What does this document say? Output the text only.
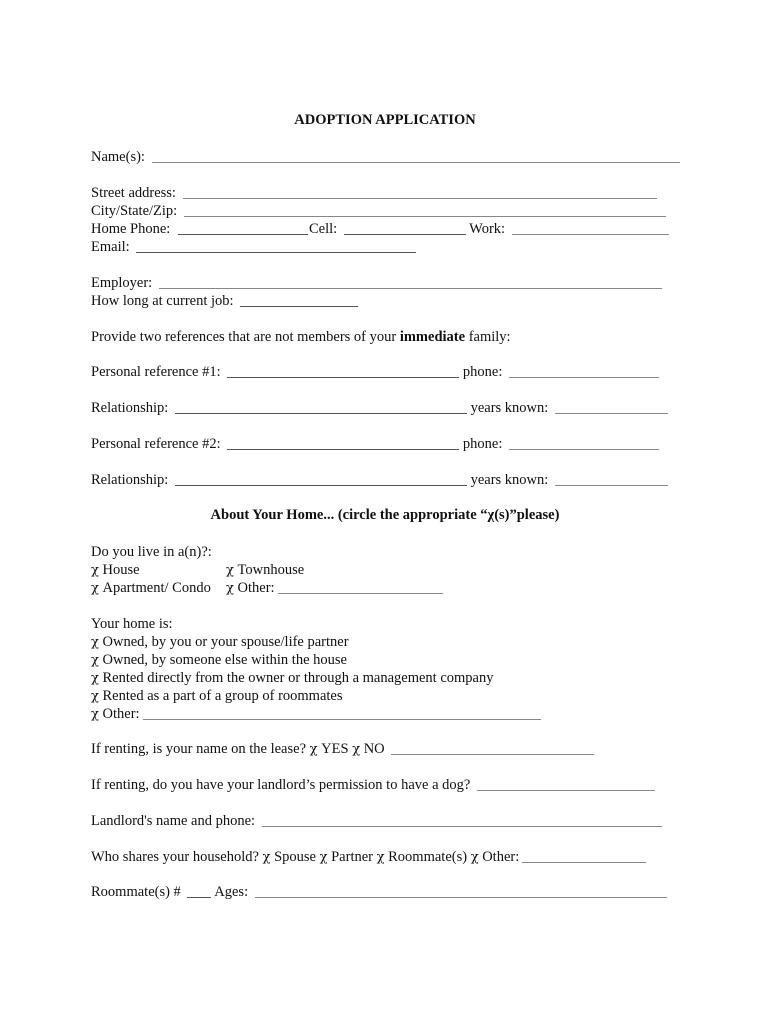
ADOPTION APPLICATION
Name(s):
Street address:
City/State/Zip:
Home Phone:	Cell:	Work:
Email:
Employer:
How long at current job:
Provide two references that are not members of your immediate family:
Personal reference #1:	phone:
Relationship:	years known:
Personal reference #2:	phone:
Relationship:	years known:
About Your Home... (circle the appropriate “χ(s)”please)
Do you live in a(n)?:
χ House	χ Townhouse
χ Apartment/ Condo χ Other:
Your home is:
χ Owned, by you or your spouse/life partner
χ Owned, by someone else within the house
χ Rented directly from the owner or through a management company
χ Rented as a part of a group of roommates
χ Other:
If renting, is your name on the lease? χ YES χ NO
If renting, do you have your landlord’s permission to have a dog?
Landlord's name and phone:
Who shares your household? χ Spouse χ Partner χ Roommate(s) χ Other:
Roommate(s) # Ages:
